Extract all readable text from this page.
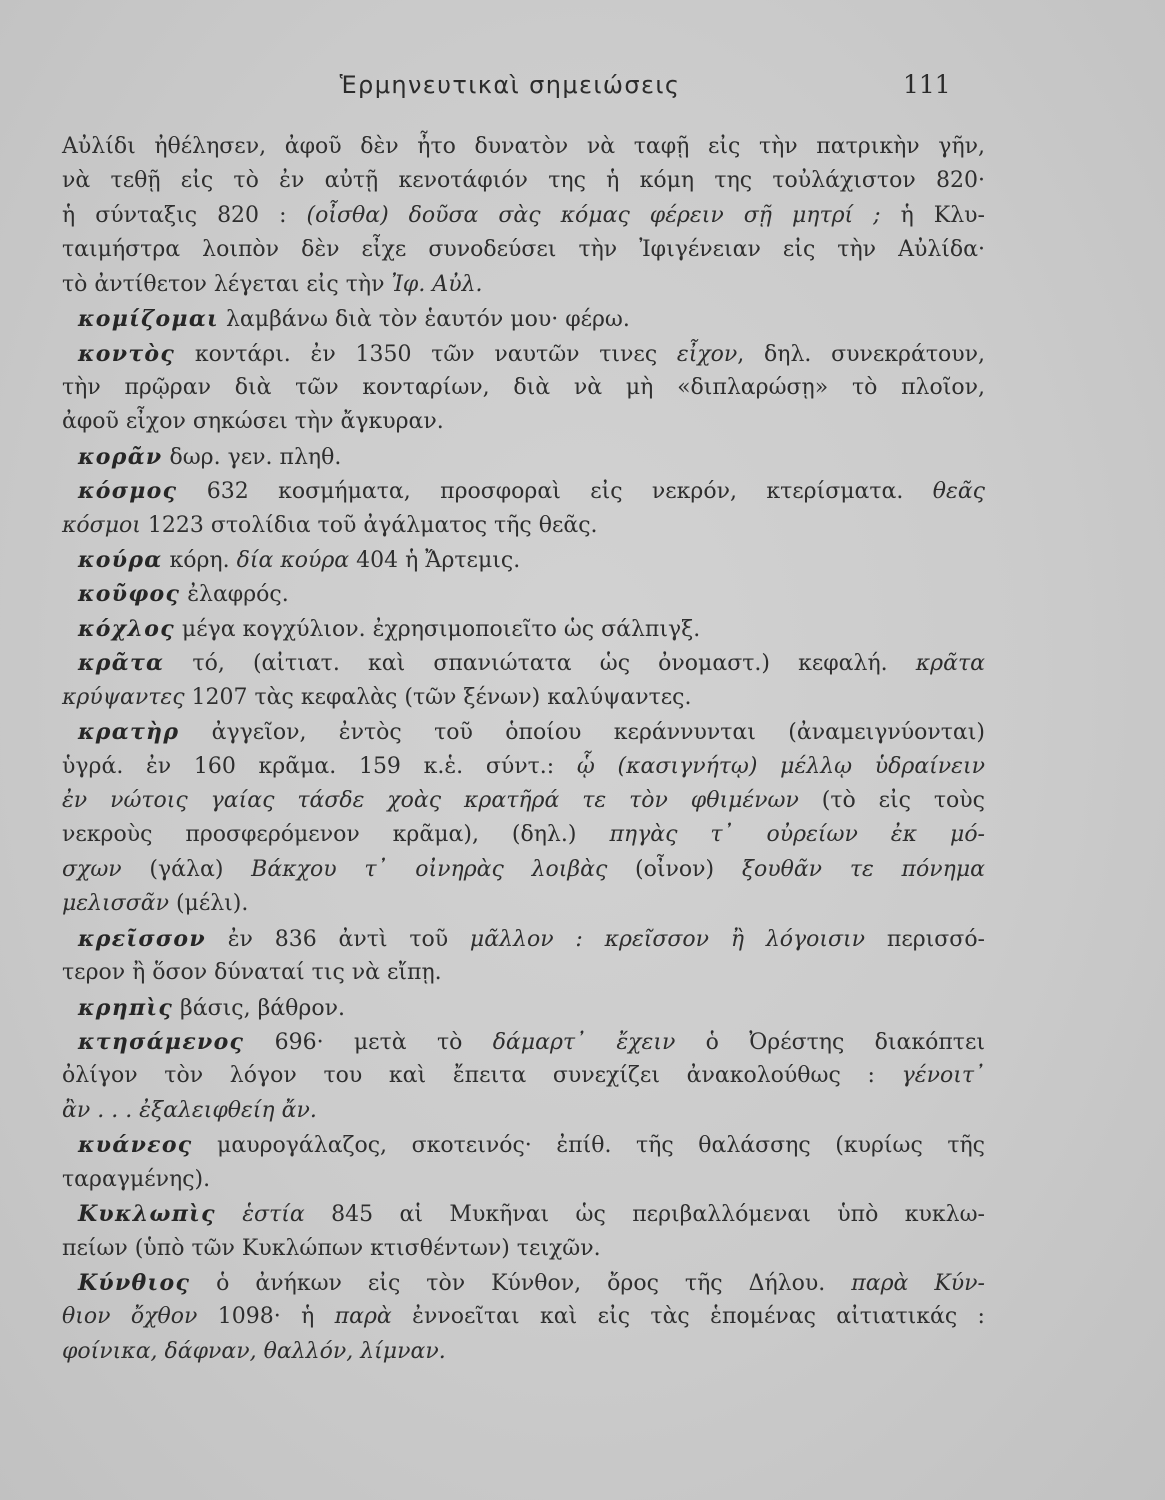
Ἑρμηνευτικαὶ σημειώσεις	111
Αὐλίδι ἠθέλησεν, ἀφοῦ δὲν ἦτο δυνατὸν νὰ ταφῇ εἰς τὴν πατρικὴν γῆν,
νὰ τεθῇ εἰς τὸ ἐν αὐτῇ κενοτάφιόν της ἡ κόμη της τοὐλάχιστον 820·
ἡ σύνταξις 820 : (οἶσθα) δοῦσα σὰς κόμας φέρειν σῇ μητρί ; ἡ Κλυ-
ταιμήστρα λοιπὸν δὲν εἶχε συνοδεύσει τὴν Ἰφιγένειαν εἰς τὴν Αὐλίδα·
τὸ ἀντίθετον λέγεται εἰς τὴν Ἰφ. Αὐλ.
κομίζομαι λαμβάνω διὰ τὸν ἑαυτόν μου· φέρω.
κοντὸς κοντάρι. ἐν 1350 τῶν ναυτῶν τινες εἶχον, δηλ. συνεκράτουν,
τὴν πρῷραν διὰ τῶν κονταρίων, διὰ νὰ μὴ «διπλαρώσῃ» τὸ πλοῖον,
ἀφοῦ εἶχον σηκώσει τὴν ἄγκυραν.
κορᾶν δωρ. γεν. πληθ.
κόσμος 632 κοσμήματα, προσφοραὶ εἰς νεκρόν, κτερίσματα. θεᾶς
κόσμοι 1223 στολίδια τοῦ ἀγάλματος τῆς θεᾶς.
κούρα κόρη. δία κούρα 404 ἡ Ἄρτεμις.
κοῦφος ἐλαφρός.
κόχλος μέγα κογχύλιον. ἐχρησιμοποιεῖτο ὡς σάλπιγξ.
κρᾶτα τό, (αἰτιατ. καὶ σπανιώτατα ὡς ὀνομαστ.) κεφαλή. κρᾶτα
κρύψαντες 1207 τὰς κεφαλὰς (τῶν ξένων) καλύψαντες.
κρατὴρ ἀγγεῖον, ἐντὸς τοῦ ὁποίου κεράννυνται (ἀναμειγνύονται)
ὑγρά. ἐν 160 κρᾶμα. 159 κ.ἑ. σύντ.: ᾧ (κασιγνήτῳ) μέλλῳ ὑδραίνειν
ἐν νώτοις γαίας τάσδε χοὰς κρατῆρά τε τὸν φθιμένων (τὸ εἰς τοὺς
νεκροὺς προσφερόμενον κρᾶμα), (δηλ.) πηγὰς τ᾽ οὐρείων ἐκ μό-
σχων (γάλα) Βάκχου τ᾽ οἰνηρὰς λοιβὰς (οἶνον) ξουθᾶν τε πόνημα
μελισσᾶν (μέλι).
κρεῖσσον ἐν 836 ἀντὶ τοῦ μᾶλλον : κρεῖσσον ἢ λόγοισιν περισσό-
τερον ἢ ὅσον δύναταί τις νὰ εἴπῃ.
κρηπὶς βάσις, βάθρον.
κτησάμενος 696· μετὰ τὸ δάμαρτ᾽ ἔχειν ὁ Ὀρέστης διακόπτει
ὀλίγον τὸν λόγον του καὶ ἔπειτα συνεχίζει ἀνακολούθως : γένοιτ᾽
ἂν . . . ἐξαλειφθείη ἄν.
κυάνεος μαυρογάλαζος, σκοτεινός· ἐπίθ. τῆς θαλάσσης (κυρίως τῆς
ταραγμένης).
Κυκλωπὶς ἑστία 845 αἱ Μυκῆναι ὡς περιβαλλόμεναι ὑπὸ κυκλω-
πείων (ὑπὸ τῶν Κυκλώπων κτισθέντων) τειχῶν.
Κύνθιος ὁ ἀνήκων εἰς τὸν Κύνθον, ὄρος τῆς Δήλου. παρὰ Κύν-
θιον ὄχθον 1098· ἡ παρὰ ἐννοεῖται καὶ εἰς τὰς ἑπομένας αἰτιατικάς :
φοίνικα, δάφναν, θαλλόν, λίμναν.
